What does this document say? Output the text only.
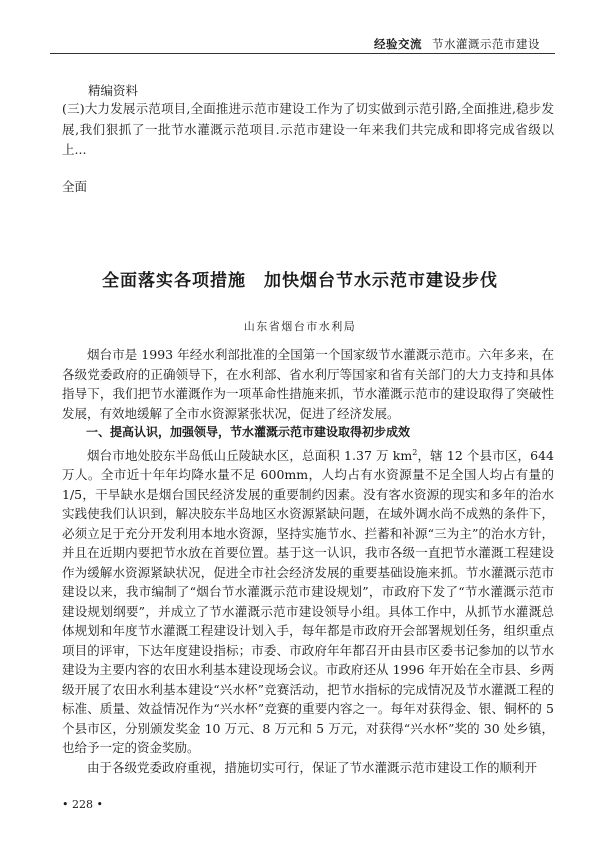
经验交流 节水灌溉示范市建设
精编资料
(三)大力发展示范项目,全面推进示范市建设工作为了切实做到示范引路,全面推进,稳步发展,我们狠抓了一批节水灌溉示范项目.示范市建设一年来我们共完成和即将完成省级以上...
全面
全面落实各项措施 加快烟台节水示范市建设步伐
山东省烟台市水利局

烟台市是 1993 年经水利部批准的全国第一个国家级节水灌溉示范市。六年多来，在各级党委政府的正确领导下，在水利部、省水利厅等国家和省有关部门的大力支持和具体指导下，我们把节水灌溉作为一项革命性措施来抓，节水灌溉示范市的建设取得了突破性发展，有效地缓解了全市水资源紧张状况，促进了经济发展。

一、提高认识，加强领导，节水灌溉示范市建设取得初步成效

烟台市地处胶东半岛低山丘陵缺水区，总面积 1.37 万 $km^2$，辖 12 个县市区，644 万人。全市近十年年均降水量不足 600mm，人均占有水资源量不足全国人均占有量的 1/5，干旱缺水是烟台国民经济发展的重要制约因素。没有客水资源的现实和多年的治水实践使我们认识到，解决胶东半岛地区水资源紧缺问题，在域外调水尚不成熟的条件下，必须立足于充分开发利用本地水资源，坚持实施节水、拦蓄和补源“三为主”的治水方针，并且在近期内要把节水放在首要位置。基于这一认识，我市各级一直把节水灌溉工程建设作为缓解水资源紧缺状况，促进全市社会经济发展的重要基础设施来抓。节水灌溉示范市建设以来，我市编制了“烟台节水灌溉示范市建设规划”，市政府下发了“节水灌溉示范市建设规划纲要”，并成立了节水灌溉示范市建设领导小组。具体工作中，从抓节水灌溉总体规划和年度节水灌溉工程建设计划入手，每年都是市政府开会部署规划任务，组织重点项目的评审，下达年度建设指标；市委、市政府年年都召开由县市区委书记参加的以节水建设为主要内容的农田水利基本建设现场会议。市政府还从 1996 年开始在全市县、乡两级开展了农田水利基本建设“兴水杯”竞赛活动，把节水指标的完成情况及节水灌溉工程的标准、质量、效益情况作为“兴水杯”竞赛的重要内容之一。每年对获得金、银、铜杯的 5 个县市区，分别颁发奖金 10 万元、8 万元和 5 万元，对获得“兴水杯”奖的 30 处乡镇，也给予一定的资金奖励。

由于各级党委政府重视，措施切实可行，保证了节水灌溉示范市建设工作的顺利开

• 228 •
